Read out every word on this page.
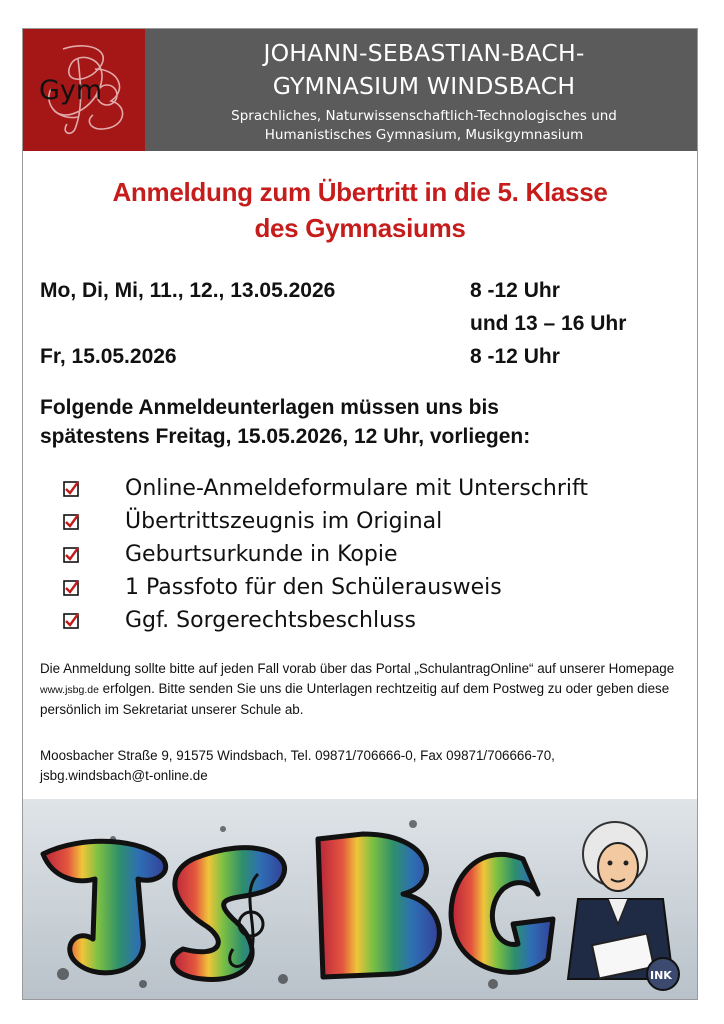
Gym
JOHANN-SEBASTIAN-BACH-
GYMNASIUM WINDSBACH
Sprachliches, Naturwissenschaftlich-Technologisches und
Humanistisches Gymnasium, Musikgymnasium
Anmeldung zum Übertritt in die 5. Klasse
des Gymnasiums
Mo, Di, Mi, 11., 12., 13.05.2026	8 -12 Uhr
und 13 – 16 Uhr
Fr, 15.05.2026	8 -12 Uhr
Folgende Anmeldeunterlagen müssen uns bis
spätestens Freitag, 15.05.2026, 12 Uhr, vorliegen:
Online-Anmeldeformulare mit Unterschrift
Übertrittszeugnis im Original
Geburtsurkunde in Kopie
1 Passfoto für den Schülerausweis
Ggf. Sorgerechtsbeschluss
Die Anmeldung sollte bitte auf jeden Fall vorab über das Portal „SchulantragOnline“ auf unserer Homepage www.jsbg.de erfolgen. Bitte senden Sie uns die Unterlagen rechtzeitig auf dem Postweg zu oder geben diese persönlich im Sekretariat unserer Schule ab.
Moosbacher Straße 9, 91575 Windsbach, Tel. 09871/706666-0, Fax 09871/706666-70,
jsbg.windsbach@t-online.de
INK
